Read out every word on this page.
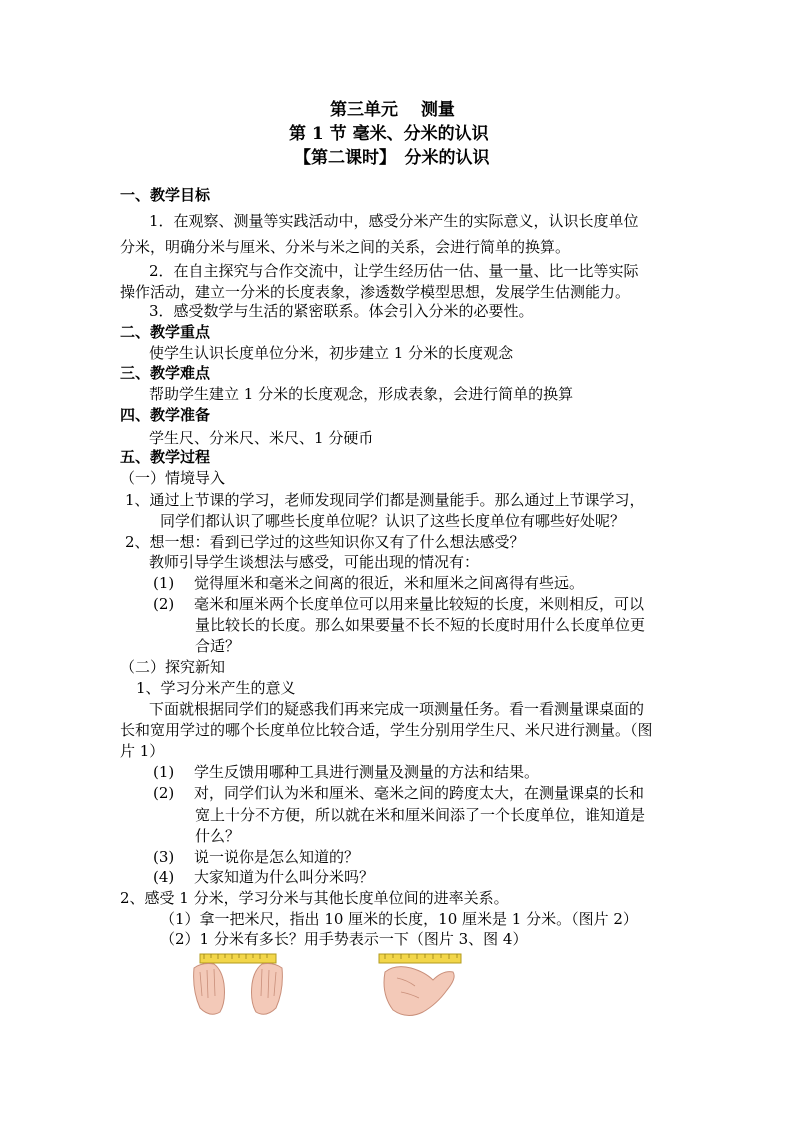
第三单元　 测量
第 1 节 毫米、分米的认识
【第二课时】　分米的认识
一、教学目标
1．在观察、测量等实践活动中，感受分米产生的实际意义，认识长度单位
分米，明确分米与厘米、分米与米之间的关系，会进行简单的换算。
2．在自主探究与合作交流中，让学生经历估一估、量一量、比一比等实际
操作活动，建立一分米的长度表象，渗透数学模型思想，发展学生估测能力。
3．感受数学与生活的紧密联系。体会引入分米的必要性。
二、教学重点
使学生认识长度单位分米，初步建立 1 分米的长度观念
三、教学难点
帮助学生建立 1 分米的长度观念，形成表象，会进行简单的换算
四、教学准备
学生尺、分米尺、米尺、1 分硬币
五、教学过程
（一）情境导入
1、通过上节课的学习，老师发现同学们都是测量能手。那么通过上节课学习，
同学们都认识了哪些长度单位呢？认识了这些长度单位有哪些好处呢？
2、想一想：看到已学过的这些知识你又有了什么想法感受？
教师引导学生谈想法与感受，可能出现的情况有：
(1)　 觉得厘米和毫米之间离的很近，米和厘米之间离得有些远。
(2)　 毫米和厘米两个长度单位可以用来量比较短的长度，米则相反，可以
量比较长的长度。那么如果要量不长不短的长度时用什么长度单位更
合适？
（二）探究新知
1、学习分米产生的意义
下面就根据同学们的疑惑我们再来完成一项测量任务。看一看测量课桌面的
长和宽用学过的哪个长度单位比较合适，学生分别用学生尺、米尺进行测量。（图
片 1）
(1)　 学生反馈用哪种工具进行测量及测量的方法和结果。
(2)　 对，同学们认为米和厘米、毫米之间的跨度太大，在测量课桌的长和
宽上十分不方便，所以就在米和厘米间添了一个长度单位，谁知道是
什么？
(3)　 说一说你是怎么知道的？
(4)　 大家知道为什么叫分米吗？
2、感受 1 分米，学习分米与其他长度单位间的进率关系。
（1）拿一把米尺，指出 10 厘米的长度，10 厘米是 1 分米。（图片 2）
（2）1 分米有多长？用手势表示一下（图片 3、图 4）
